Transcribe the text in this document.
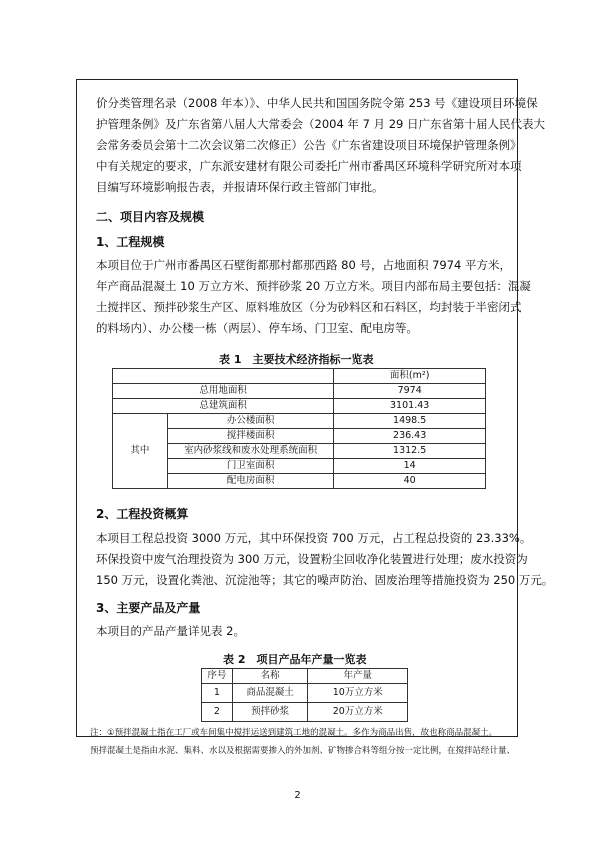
价分类管理名录（2008 年本）》、中华人民共和国国务院令第 253 号《建设项目环境保
护管理条例》及广东省第八届人大常委会（2004 年 7 月 29 日广东省第十届人民代表大
会常务委员会第十二次会议第二次修正）公告《广东省建设项目环境保护管理条例》
中有关规定的要求，广东派安建材有限公司委托广州市番禺区环境科学研究所对本项
目编写环境影响报告表，并报请环保行政主管部门审批。

二、项目内容及规模
1、工程规模

本项目位于广州市番禺区石壁街都那村都那西路 80 号，占地面积 7974 平方米，
年产商品混凝土 10 万立方米、预拌砂浆 20 万立方米。项目内部布局主要包括：混凝
土搅拌区、预拌砂浆生产区、原料堆放区（分为砂料区和石料区，均封装于半密闭式
的料场内）、办公楼一栋（两层）、停车场、门卫室、配电房等。

表 1　主要技术经济指标一览表
		面积(m²)
总用地面积		7974
总建筑面积		3101.43
其中	办公楼面积	1498.5
	搅拌楼面积	236.43
	室内砂浆线和废水处理系统面积	1312.5
	门卫室面积	14
	配电房面积	40
2、工程投资概算

本项目工程总投资 3000 万元，其中环保投资 700 万元，占工程总投资的 23.33%。
环保投资中废气治理投资为 300 万元，设置粉尘回收净化装置进行处理；废水投资为
150 万元，设置化粪池、沉淀池等；其它的噪声防治、固废治理等措施投资为 250 万元。

3、主要产品及产量

本项目的产品产量详见表 2。

表 2　项目产品年产量一览表
序号	名称	年产量
1	商品混凝土	10万立方米
2	预拌砂浆	20万立方米
注：①预拌混凝土指在工厂或车间集中搅拌运送到建筑工地的混凝土。多作为商品出售，故也称商品混凝土。
预拌混凝土是指由水泥、集料、水以及根据需要掺入的外加剂、矿物掺合料等组分按一定比例，在搅拌站经计量、
2
